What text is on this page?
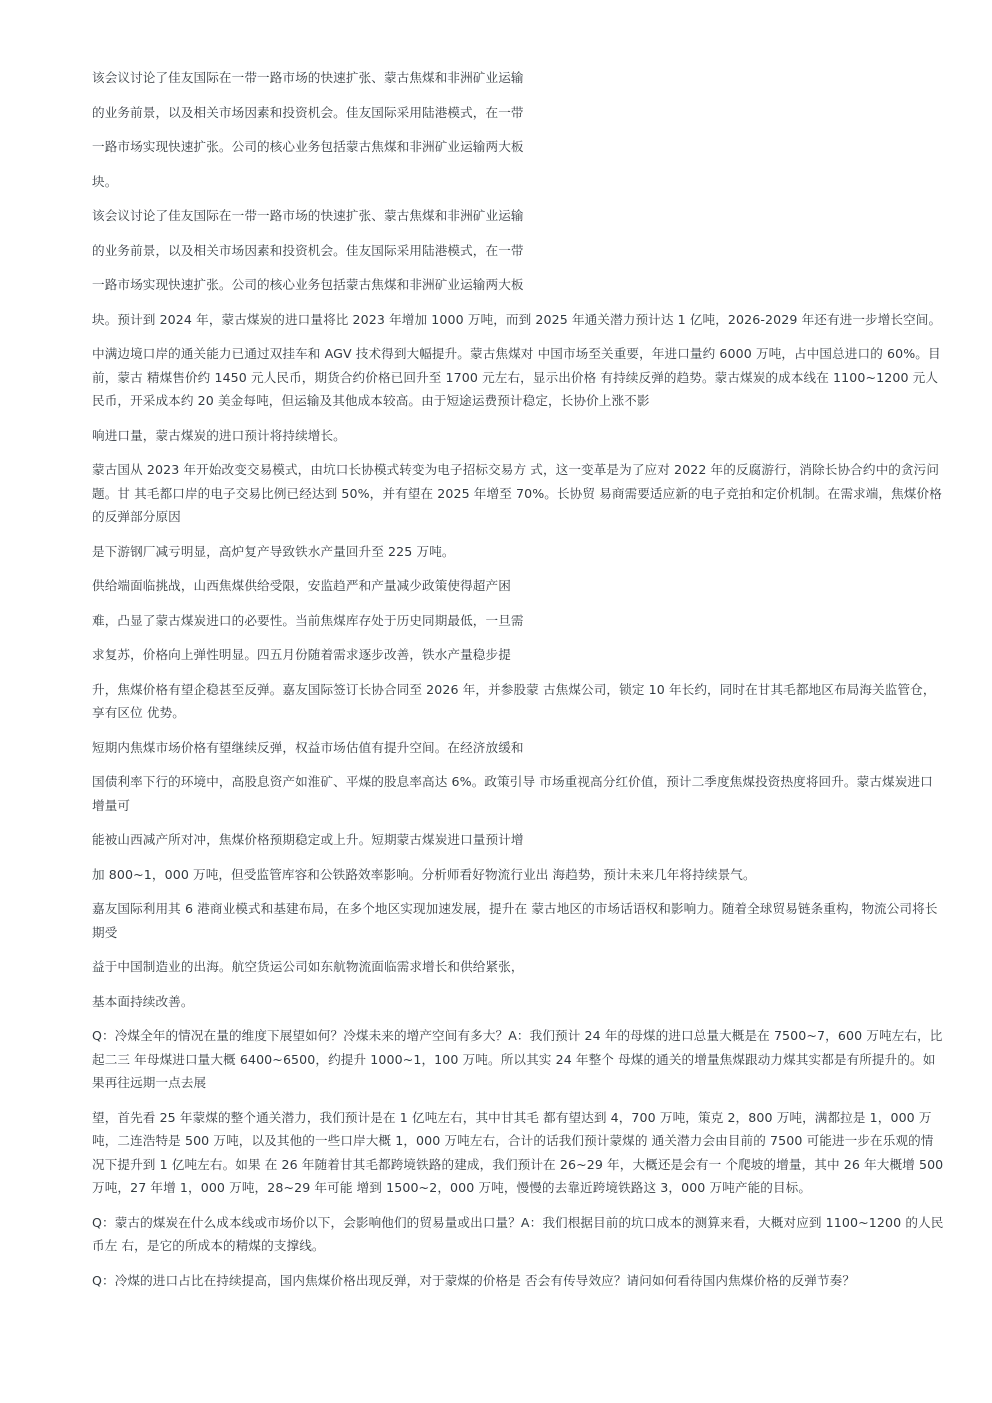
该会议讨论了佳友国际在一带一路市场的快速扩张、蒙古焦煤和非洲矿业运输

的业务前景，以及相关市场因素和投资机会。佳友国际采用陆港模式，在一带

一路市场实现快速扩张。公司的核心业务包括蒙古焦煤和非洲矿业运输两大板

块。

该会议讨论了佳友国际在一带一路市场的快速扩张、蒙古焦煤和非洲矿业运输

的业务前景，以及相关市场因素和投资机会。佳友国际采用陆港模式，在一带

一路市场实现快速扩张。公司的核心业务包括蒙古焦煤和非洲矿业运输两大板

块。预计到 2024 年，蒙古煤炭的进口量将比 2023 年增加 1000 万吨，而到 2025 年通关潜力预计达 1 亿吨，2026-2029 年还有进一步增长空间。

中满边境口岸的通关能力已通过双挂车和 AGV 技术得到大幅提升。蒙古焦煤对 中国市场至关重要，年进口量约 6000 万吨，占中国总进口的 60%。目前，蒙古 精煤售价约 1450 元人民币，期货合约价格已回升至 1700 元左右，显示出价格 有持续反弹的趋势。蒙古煤炭的成本线在 1100~1200 元人民币，开采成本约 20 美金每吨，但运输及其他成本较高。由于短途运费预计稳定，长协价上涨不影

响进口量，蒙古煤炭的进口预计将持续增长。

蒙古国从 2023 年开始改变交易模式，由坑口长协模式转变为电子招标交易方 式，这一变革是为了应对 2022 年的反腐游行，消除长协合约中的贪污问题。甘 其毛都口岸的电子交易比例已经达到 50%，并有望在 2025 年增至 70%。长协贸 易商需要适应新的电子竞拍和定价机制。在需求端，焦煤价格的反弹部分原因

是下游钢厂减亏明显，高炉复产导致铁水产量回升至 225 万吨。

供给端面临挑战，山西焦煤供给受限，安监趋严和产量减少政策使得超产困

难，凸显了蒙古煤炭进口的必要性。当前焦煤库存处于历史同期最低，一旦需

求复苏，价格向上弹性明显。四五月份随着需求逐步改善，铁水产量稳步提

升，焦煤价格有望企稳甚至反弹。嘉友国际签订长协合同至 2026 年，并参股蒙 古焦煤公司，锁定 10 年长约，同时在甘其毛都地区布局海关监管仓，享有区位 优势。

短期内焦煤市场价格有望继续反弹，权益市场估值有提升空间。在经济放缓和

国债利率下行的环境中，高股息资产如淮矿、平煤的股息率高达 6%。政策引导 市场重视高分红价值，预计二季度焦煤投资热度将回升。蒙古煤炭进口增量可

能被山西减产所对冲，焦煤价格预期稳定或上升。短期蒙古煤炭进口量预计增

加 800~1，000 万吨，但受监管库容和公铁路效率影响。分析师看好物流行业出 海趋势，预计未来几年将持续景气。

嘉友国际利用其 6 港商业模式和基建布局，在多个地区实现加速发展，提升在 蒙古地区的市场话语权和影响力。随着全球贸易链条重构，物流公司将长期受

益于中国制造业的出海。航空货运公司如东航物流面临需求增长和供给紧张，

基本面持续改善。

Q：冷煤全年的情况在量的维度下展望如何？冷煤未来的增产空间有多大？A：我们预计 24 年的母煤的进口总量大概是在 7500~7，600 万吨左右，比起二三 年母煤进口量大概 6400~6500，约提升 1000~1，100 万吨。所以其实 24 年整个 母煤的通关的增量焦煤跟动力煤其实都是有所提升的。如果再往远期一点去展

望，首先看 25 年蒙煤的整个通关潜力，我们预计是在 1 亿吨左右，其中甘其毛 都有望达到 4，700 万吨，策克 2，800 万吨，满都拉是 1，000 万吨，二连浩特是 500 万吨，以及其他的一些口岸大概 1，000 万吨左右，合计的话我们预计蒙煤的 通关潜力会由目前的 7500 可能进一步在乐观的情况下提升到 1 亿吨左右。如果 在 26 年随着甘其毛都跨境铁路的建成，我们预计在 26~29 年，大概还是会有一 个爬坡的增量，其中 26 年大概增 500 万吨，27 年增 1，000 万吨，28~29 年可能 增到 1500~2，000 万吨，慢慢的去靠近跨境铁路这 3，000 万吨产能的目标。

Q：蒙古的煤炭在什么成本线或市场价以下，会影响他们的贸易量或出口量？A：我们根据目前的坑口成本的测算来看，大概对应到 1100~1200 的人民币左 右，是它的所成本的精煤的支撑线。

Q：冷煤的进口占比在持续提高，国内焦煤价格出现反弹，对于蒙煤的价格是 否会有传导效应？请问如何看待国内焦煤价格的反弹节奏？
